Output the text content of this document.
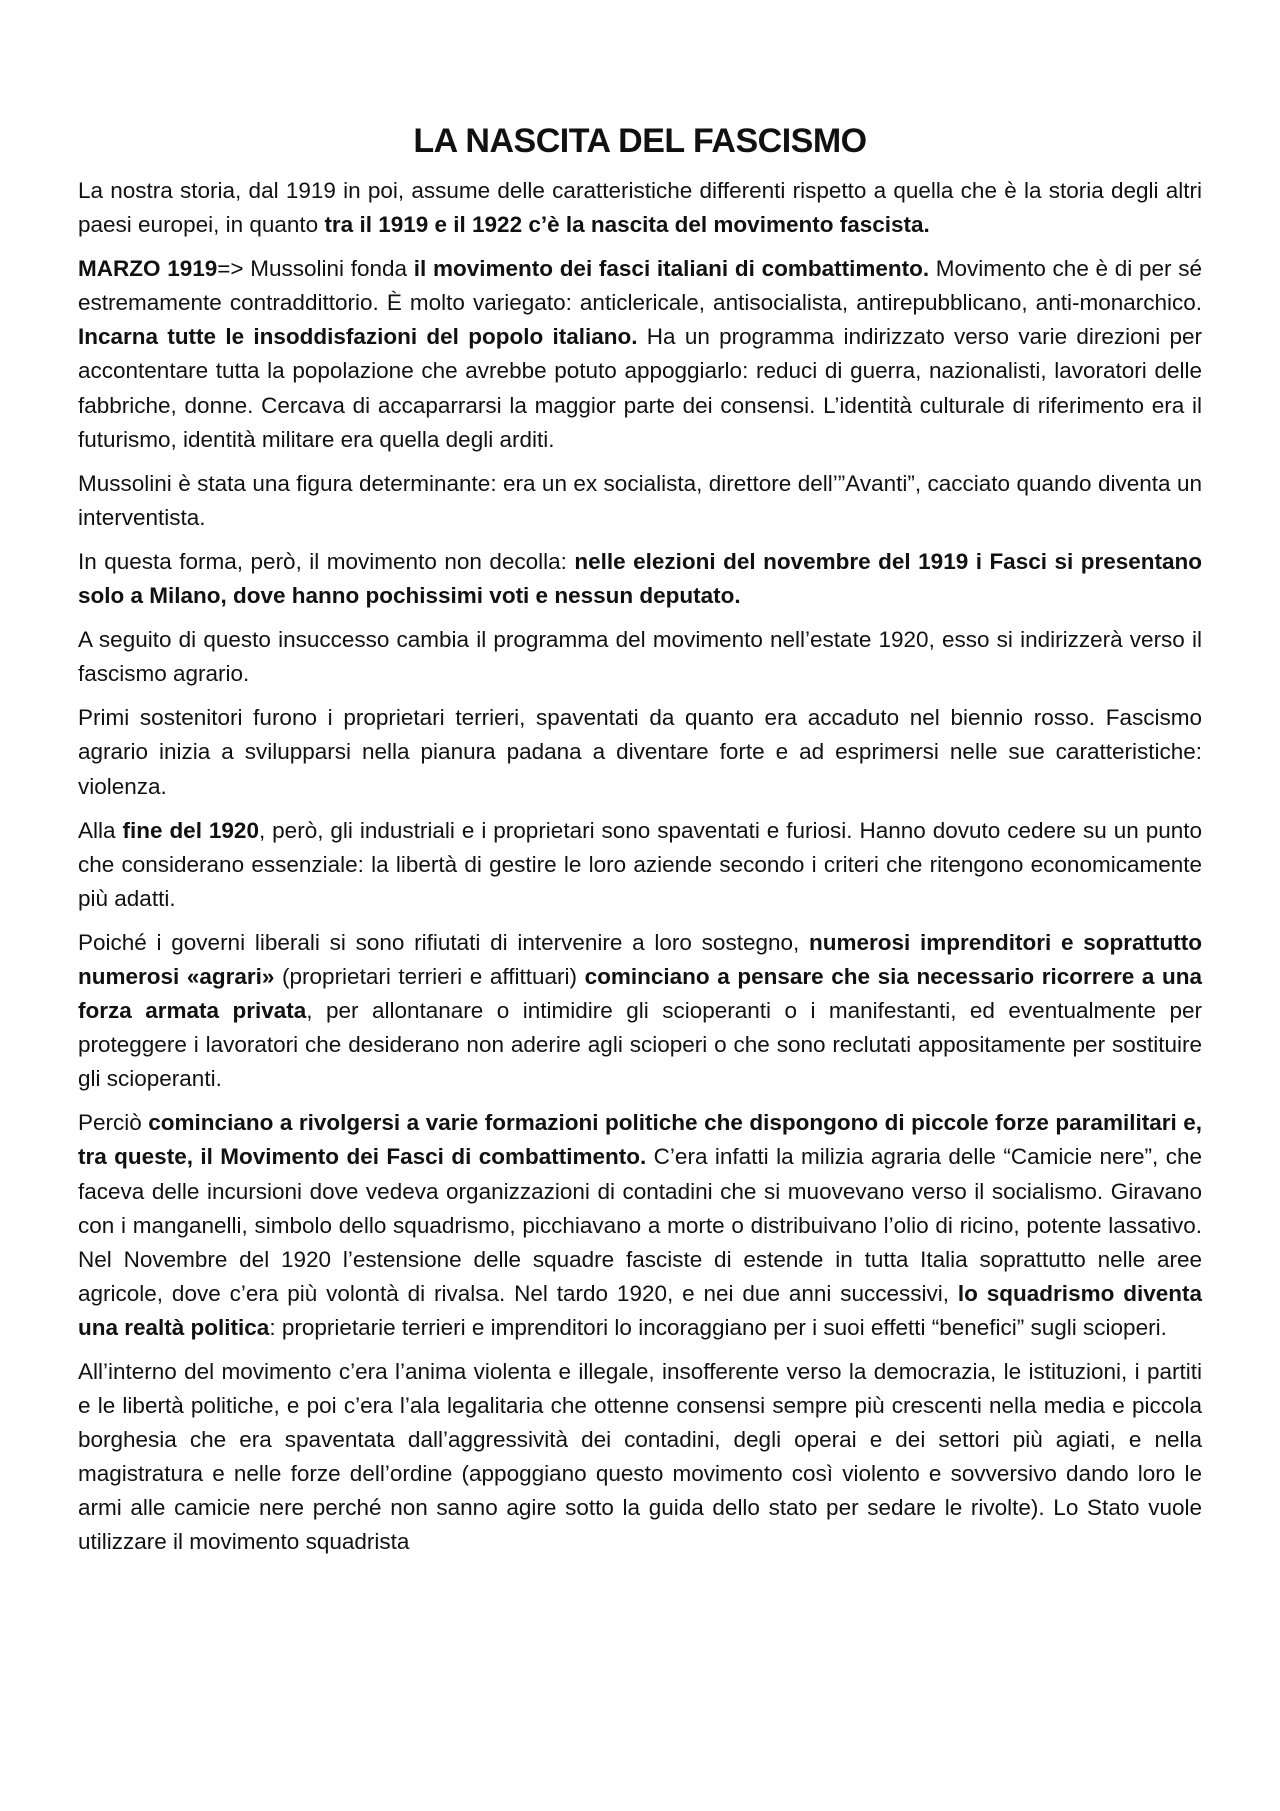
LA NASCITA DEL FASCISMO

La nostra storia, dal 1919 in poi, assume delle caratteristiche differenti rispetto a quella che è la storia degli altri paesi europei, in quanto tra il 1919 e il 1922 c’è la nascita del movimento fascista.

MARZO 1919=> Mussolini fonda il movimento dei fasci italiani di combattimento. Movimento che è di per sé estremamente contraddittorio. È molto variegato: anticlericale, antisocialista, antirepubblicano, anti-monarchico. Incarna tutte le insoddisfazioni del popolo italiano. Ha un programma indirizzato verso varie direzioni per accontentare tutta la popolazione che avrebbe potuto appoggiarlo: reduci di guerra, nazionalisti, lavoratori delle fabbriche, donne. Cercava di accaparrarsi la maggior parte dei consensi. L’identità culturale di riferimento era il futurismo, identità militare era quella degli arditi.

Mussolini è stata una figura determinante: era un ex socialista, direttore dell’”Avanti”, cacciato quando diventa un interventista.

In questa forma, però, il movimento non decolla: nelle elezioni del novembre del 1919 i Fasci si presentano solo a Milano, dove hanno pochissimi voti e nessun deputato.

A seguito di questo insuccesso cambia il programma del movimento nell’estate 1920, esso si indirizzerà verso il fascismo agrario.

Primi sostenitori furono i proprietari terrieri, spaventati da quanto era accaduto nel biennio rosso. Fascismo agrario inizia a svilupparsi nella pianura padana a diventare forte e ad esprimersi nelle sue caratteristiche: violenza.

Alla fine del 1920, però, gli industriali e i proprietari sono spaventati e furiosi. Hanno dovuto cedere su un punto che considerano essenziale: la libertà di gestire le loro aziende secondo i criteri che ritengono economicamente più adatti.

Poiché i governi liberali si sono rifiutati di intervenire a loro sostegno, numerosi imprenditori e soprattutto numerosi «agrari» (proprietari terrieri e affittuari) cominciano a pensare che sia necessario ricorrere a una forza armata privata, per allontanare o intimidire gli scioperanti o i manifestanti, ed eventualmente per proteggere i lavoratori che desiderano non aderire agli scioperi o che sono reclutati appositamente per sostituire gli scioperanti.

Perciò cominciano a rivolgersi a varie formazioni politiche che dispongono di piccole forze paramilitari e, tra queste, il Movimento dei Fasci di combattimento. C’era infatti la milizia agraria delle “Camicie nere”, che faceva delle incursioni dove vedeva organizzazioni di contadini che si muovevano verso il socialismo. Giravano con i manganelli, simbolo dello squadrismo, picchiavano a morte o distribuivano l’olio di ricino, potente lassativo. Nel Novembre del 1920 l’estensione delle squadre fasciste di estende in tutta Italia soprattutto nelle aree agricole, dove c’era più volontà di rivalsa. Nel tardo 1920, e nei due anni successivi, lo squadrismo diventa una realtà politica: proprietarie terrieri e imprenditori lo incoraggiano per i suoi effetti “benefici” sugli scioperi.

All’interno del movimento c’era l’anima violenta e illegale, insofferente verso la democrazia, le istituzioni, i partiti e le libertà politiche, e poi c’era l’ala legalitaria che ottenne consensi sempre più crescenti nella media e piccola borghesia che era spaventata dall’aggressività dei contadini, degli operai e dei settori più agiati, e nella magistratura e nelle forze dell’ordine (appoggiano questo movimento così violento e sovversivo dando loro le armi alle camicie nere perché non sanno agire sotto la guida dello stato per sedare le rivolte). Lo Stato vuole utilizzare il movimento squadrista
